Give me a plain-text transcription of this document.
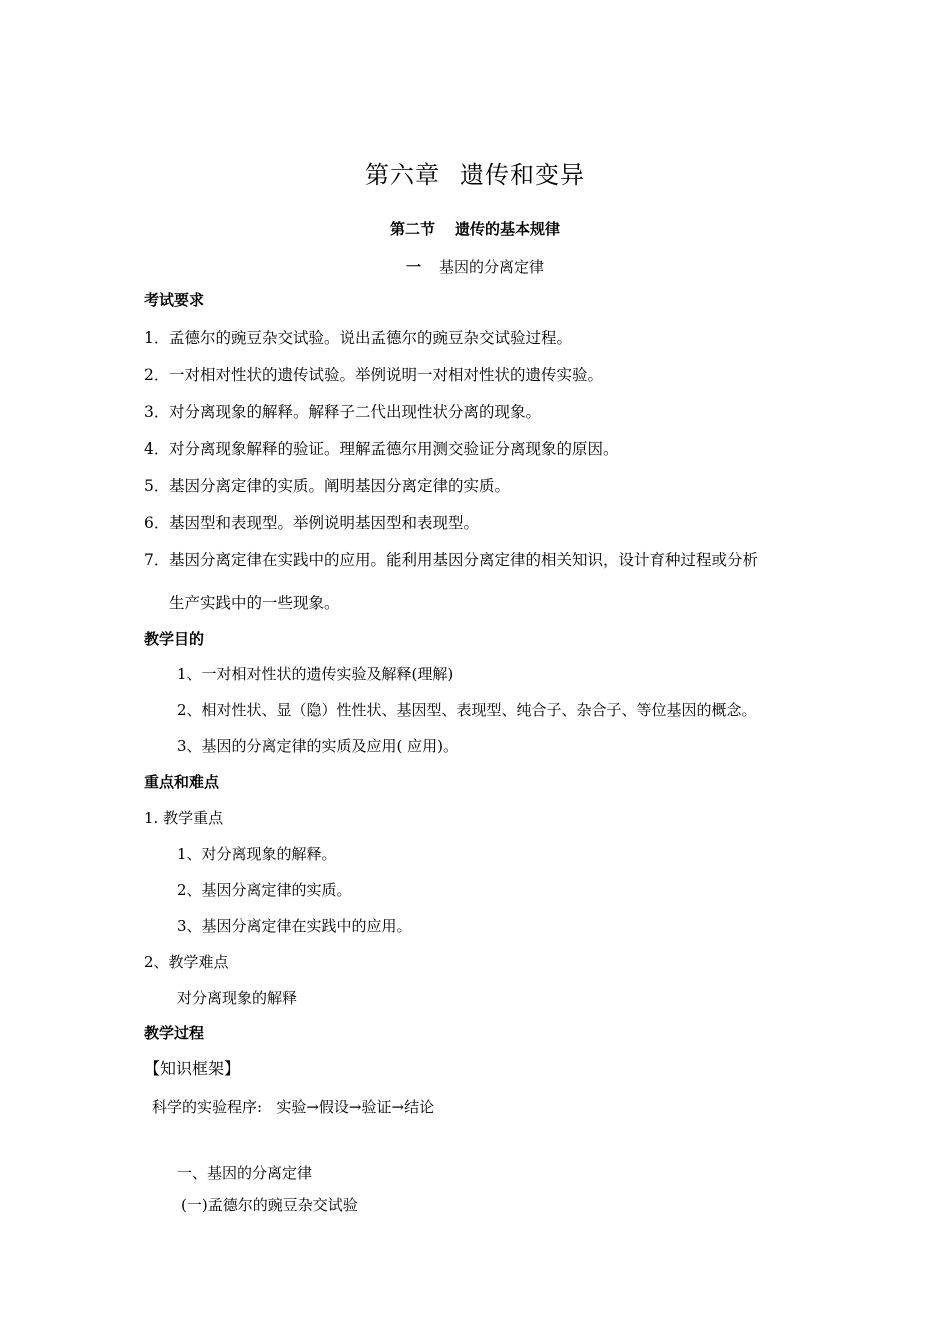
第六章 遗传和变异
第二节 遗传的基本规律
一 基因的分离定律
考试要求
1．孟德尔的豌豆杂交试验。说出孟德尔的豌豆杂交试验过程。
2．一对相对性状的遗传试验。举例说明一对相对性状的遗传实验。
3．对分离现象的解释。解释子二代出现性状分离的现象。
4．对分离现象解释的验证。理解孟德尔用测交验证分离现象的原因。
5．基因分离定律的实质。阐明基因分离定律的实质。
6．基因型和表现型。举例说明基因型和表现型。
7．基因分离定律在实践中的应用。能利用基因分离定律的相关知识，设计育种过程或分析
生产实践中的一些现象。
教学目的
1、一对相对性状的遗传实验及解释(理解)
2、相对性状、显（隐）性性状、基因型、表现型、纯合子、杂合子、等位基因的概念。
3、基因的分离定律的实质及应用( 应用)。
重点和难点
1. 教学重点
1、对分离现象的解释。
2、基因分离定律的实质。
3、基因分离定律在实践中的应用。
2、教学难点
对分离现象的解释
教学过程
【知识框架】
科学的实验程序:   实验→假设→验证→结论
一、基因的分离定律
(一)孟德尔的豌豆杂交试验
